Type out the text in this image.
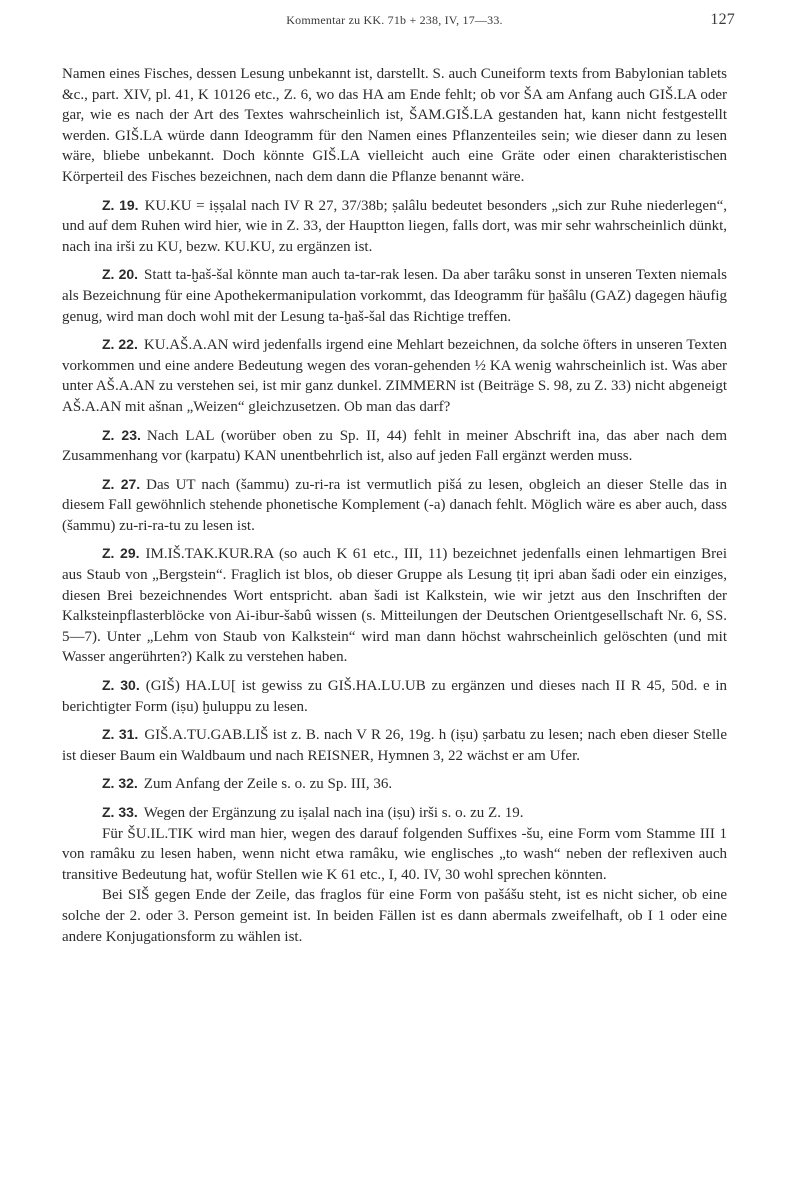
Kommentar zu KK. 71b + 238, IV, 17—33.	127

Namen eines Fisches, dessen Lesung unbekannt ist, darstellt. S. auch Cuneiform texts from Babylonian tablets &c., part. XIV, pl. 41, K 10126 etc., Z. 6, wo das HA am Ende fehlt; ob vor ŠA am Anfang auch GIŠ.LA oder gar, wie es nach der Art des Textes wahrscheinlich ist, ŠAM.GIŠ.LA gestanden hat, kann nicht festgestellt werden. GIŠ.LA würde dann Ideogramm für den Namen eines Pflanzenteiles sein; wie dieser dann zu lesen wäre, bliebe unbekannt. Doch könnte GIŠ.LA vielleicht auch eine Gräte oder einen charakteristischen Körperteil des Fisches bezeichnen, nach dem dann die Pflanze benannt wäre.

Z. 19. KU.KU = iṣṣalal nach IV R 27, 37/38b; ṣalâlu bedeutet besonders „sich zur Ruhe niederlegen“, und auf dem Ruhen wird hier, wie in Z. 33, der Hauptton liegen, falls dort, was mir sehr wahrscheinlich dünkt, nach ina irši zu KU, bezw. KU.KU, zu ergänzen ist.

Z. 20. Statt ta-ḫaš-šal könnte man auch ta-tar-rak lesen. Da aber tarâku sonst in unseren Texten niemals als Bezeichnung für eine Apothekermanipulation vorkommt, das Ideogramm für ḫašâlu (GAZ) dagegen häufig genug, wird man doch wohl mit der Lesung ta-ḫaš-šal das Richtige treffen.

Z. 22. KU.AŠ.A.AN wird jedenfalls irgend eine Mehlart bezeichnen, da solche öfters in unseren Texten vorkommen und eine andere Bedeutung wegen des voran-gehenden ½ KA wenig wahrscheinlich ist. Was aber unter AŠ.A.AN zu verstehen sei, ist mir ganz dunkel. ZIMMERN ist (Beiträge S. 98, zu Z. 33) nicht abgeneigt AŠ.A.AN mit ašnan „Weizen“ gleichzusetzen. Ob man das darf?

Z. 23. Nach LAL (worüber oben zu Sp. II, 44) fehlt in meiner Abschrift ina, das aber nach dem Zusammenhang vor (karpatu) KAN unentbehrlich ist, also auf jeden Fall ergänzt werden muss.

Z. 27. Das UT nach (šammu) zu-ri-ra ist vermutlich pišá zu lesen, obgleich an dieser Stelle das in diesem Fall gewöhnlich stehende phonetische Komplement (-a) danach fehlt. Möglich wäre es aber auch, dass (šammu) zu-ri-ra-tu zu lesen ist.

Z. 29. IM.IŠ.TAK.KUR.RA (so auch K 61 etc., III, 11) bezeichnet jedenfalls einen lehmartigen Brei aus Staub von „Bergstein“. Fraglich ist blos, ob dieser Gruppe als Lesung ṭiṭ ipri aban šadi oder ein einziges, diesen Brei bezeichnendes Wort entspricht. aban šadi ist Kalkstein, wie wir jetzt aus den Inschriften der Kalksteinpflasterblöcke von Ai-ibur-šabû wissen (s. Mitteilungen der Deutschen Orientgesellschaft Nr. 6, SS. 5—7). Unter „Lehm von Staub von Kalkstein“ wird man dann höchst wahrscheinlich gelöschten (und mit Wasser angerührten?) Kalk zu verstehen haben.

Z. 30. (GIŠ) HA.LU[ ist gewiss zu GIŠ.HA.LU.UB zu ergänzen und dieses nach II R 45, 50d. e in berichtigter Form (iṣu) ḫuluppu zu lesen.

Z. 31. GIŠ.A.TU.GAB.LIŠ ist z. B. nach V R 26, 19g. h (iṣu) ṣarbatu zu lesen; nach eben dieser Stelle ist dieser Baum ein Waldbaum und nach REISNER, Hymnen 3, 22 wächst er am Ufer.

Z. 32. Zum Anfang der Zeile s. o. zu Sp. III, 36.

Z. 33. Wegen der Ergänzung zu iṣalal nach ina (iṣu) irši s. o. zu Z. 19.

Für ŠU.IL.TIK wird man hier, wegen des darauf folgenden Suffixes -šu, eine Form vom Stamme III 1 von ramâku zu lesen haben, wenn nicht etwa ramâku, wie englisches „to wash“ neben der reflexiven auch transitive Bedeutung hat, wofür Stellen wie K 61 etc., I, 40. IV, 30 wohl sprechen könnten.

Bei SIŠ gegen Ende der Zeile, das fraglos für eine Form von pašášu steht, ist es nicht sicher, ob eine solche der 2. oder 3. Person gemeint ist. In beiden Fällen ist es dann abermals zweifelhaft, ob I 1 oder eine andere Konjugationsform zu wählen ist.
